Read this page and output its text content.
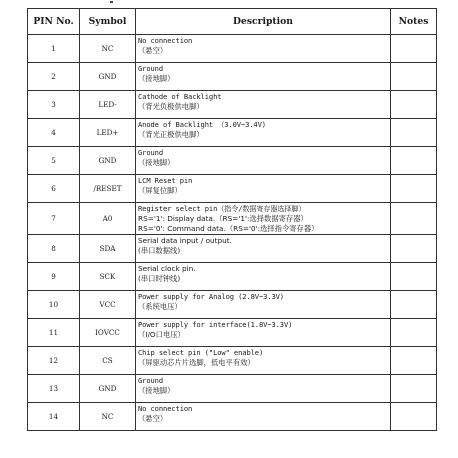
PIN No.	Symbol	Description	Notes
1	NC	No connection
（悬空）	

2	GND	Ground
（接地脚）	

3	LED-	Cathode of Backlight
（背光负极供电脚）	

4	LED+	Anode of Backlight （3.0V~3.4V)
（背光正极供电脚）	

5	GND	Ground
（接地脚）	

6	/RESET	LCM Reset pin
（屏复位脚）	

7	A0	Register select pin（指令/数据寄存器选择脚）
RS='1': Display data.（RS='1':选择数据寄存器）
RS='0': Command data.（RS='0':选择指令寄存器）	

8	SDA	Serial data input / output.
(串口数据线)	

9	SCK	Serial clock pin.
(串口时钟线)	

10	VCC	Power supply for Analog (2.8V~3.3V)
（系统电压）	

11	IOVCC	Power supply for interface(1.8V~3.3V)
（I/O口电压）	

12	CS	Chip select pin ("Low" enable)
（屏驱动芯片片选脚，低电平有效）	

13	GND	Ground
（接地脚）	

14	NC	No connection
（悬空）	
